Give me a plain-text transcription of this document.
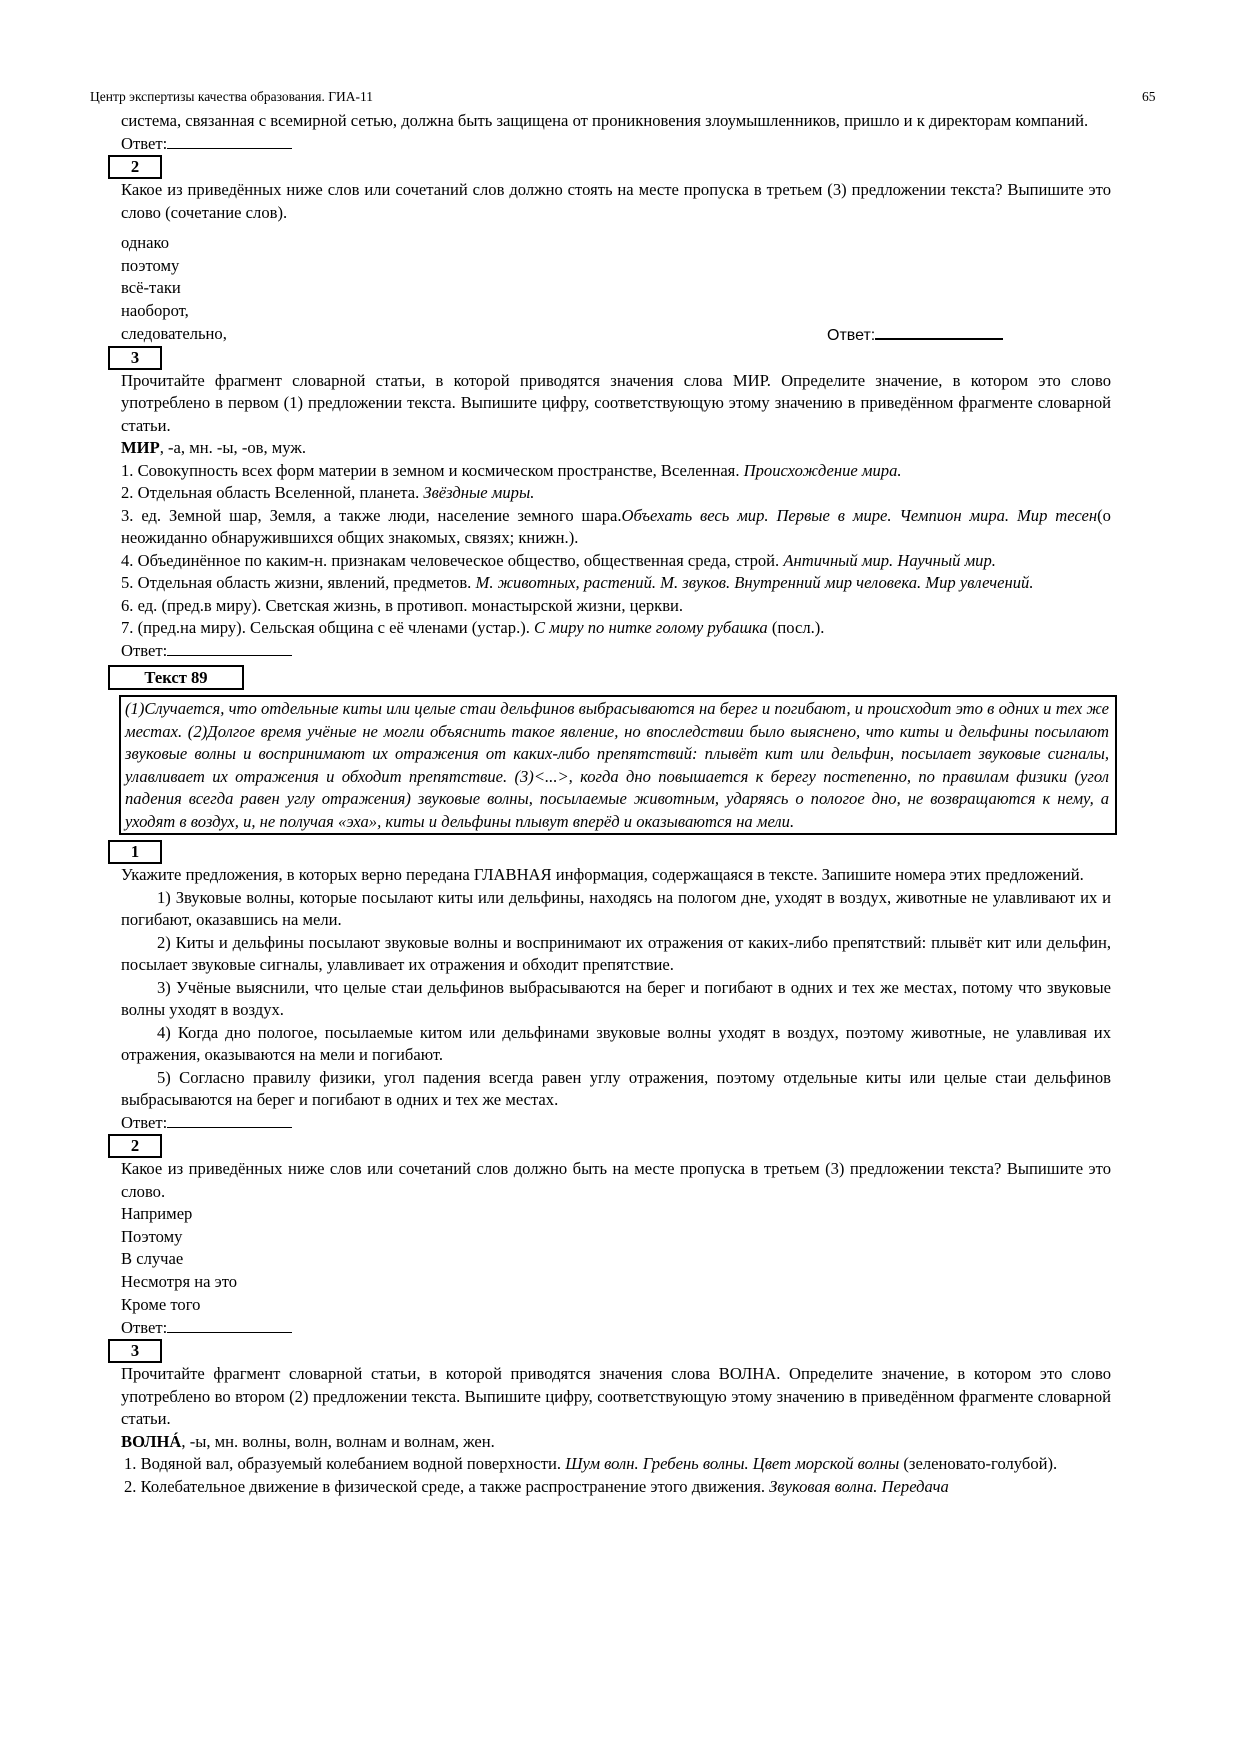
Центр экспертизы качества образования. ГИА-11	65

система, связанная с всемирной сетью, должна быть защищена от проникновения злоумышленников, пришло и к директорам компаний.

Ответ:

2

Какое из приведённых ниже слов или сочетаний слов должно стоять на месте пропуска в третьем (3) предложении текста? Выпишите это слово (сочетание слов).

однако

поэтому

всё-таки

наоборот,

следовательно,	Ответ:
3

Прочитайте фрагмент словарной статьи, в которой приводятся значения слова МИР. Определите значение, в котором это слово употреблено в первом (1) предложении текста. Выпишите цифру, соответствующую этому значению в приведённом фрагменте словарной статьи.

МИР, -а, мн. -ы, -ов, муж.

1. Совокупность всех форм материи в земном и космическом пространстве, Вселенная. Происхождение мира.

2. Отдельная область Вселенной, планета. Звёздные миры.

3. ед. Земной шар, Земля, а также люди, население земного шара.Объехать весь мир. Первые в мире. Чемпион мира. Мир тесен(о неожиданно обнаружившихся общих знакомых, связях; книжн.).

4. Объединённое по каким-н. признакам человеческое общество, общественная среда, строй. Античный мир. Научный мир.

5. Отдельная область жизни, явлений, предметов. М. животных, растений. М. звуков. Внутренний мир человека. Мир увлечений.

6. ед. (пред.в миру). Светская жизнь, в противоп. монастырской жизни, церкви.

7. (пред.на миру). Сельская община с её членами (устар.). С миру по нитке голому рубашка (посл.).

Ответ:

Текст 89
(1)Случается, что отдельные киты или целые стаи дельфинов выбрасываются на берег и погибают, и происходит это в одних и тех же местах. (2)Долгое время учёные не могли объяснить такое явление, но впоследствии было выяснено, что киты и дельфины посылают звуковые волны и воспринимают их отражения от каких-либо препятствий: плывёт кит или дельфин, посылает звуковые сигналы, улавливает их отражения и обходит препятствие. (3)<...>, когда дно повышается к берегу постепенно, по правилам физики (угол падения всегда равен углу отражения) звуковые волны, посылаемые животным, ударяясь о пологое дно, не возвращаются к нему, а уходят в воздух, и, не получая «эха», киты и дельфины плывут вперёд и оказываются на мели.
1

Укажите предложения, в которых верно передана ГЛАВНАЯ информация, содержащаяся в тексте. Запишите номера этих предложений.

1) Звуковые волны, которые посылают киты или дельфины, находясь на пологом дне, уходят в воздух, животные не улавливают их и погибают, оказавшись на мели.

2) Киты и дельфины посылают звуковые волны и воспринимают их отражения от каких-либо препятствий: плывёт кит или дельфин, посылает звуковые сигналы, улавливает их отражения и обходит препятствие.

3) Учёные выяснили, что целые стаи дельфинов выбрасываются на берег и погибают в одних и тех же местах, потому что звуковые волны уходят в воздух.

4) Когда дно пологое, посылаемые китом или дельфинами звуковые волны уходят в воздух, поэтому животные, не улавливая их отражения, оказываются на мели и погибают.

5) Согласно правилу физики, угол падения всегда равен углу отражения, поэтому отдельные киты или целые стаи дельфинов выбрасываются на берег и погибают в одних и тех же местах.

Ответ:

2

Какое из приведённых ниже слов или сочетаний слов должно быть на месте пропуска в третьем (3) предложении текста? Выпишите это слово.

Например

Поэтому

В случае

Несмотря на это

Кроме того

Ответ:

3

Прочитайте фрагмент словарной статьи, в которой приводятся значения слова ВОЛНА. Определите значение, в котором это слово употреблено во втором (2) предложении текста. Выпишите цифру, соответствующую этому значению в приведённом фрагменте словарной статьи.

ВОЛНÁ, -ы, мн. волны, волн, волнам и волнам, жен.

1. Водяной вал, образуемый колебанием водной поверхности. Шум волн. Гребень волны. Цвет морской волны (зеленовато-голубой).

2. Колебательное движение в физической среде, а также распространение этого движения. Звуковая волна. Передача
